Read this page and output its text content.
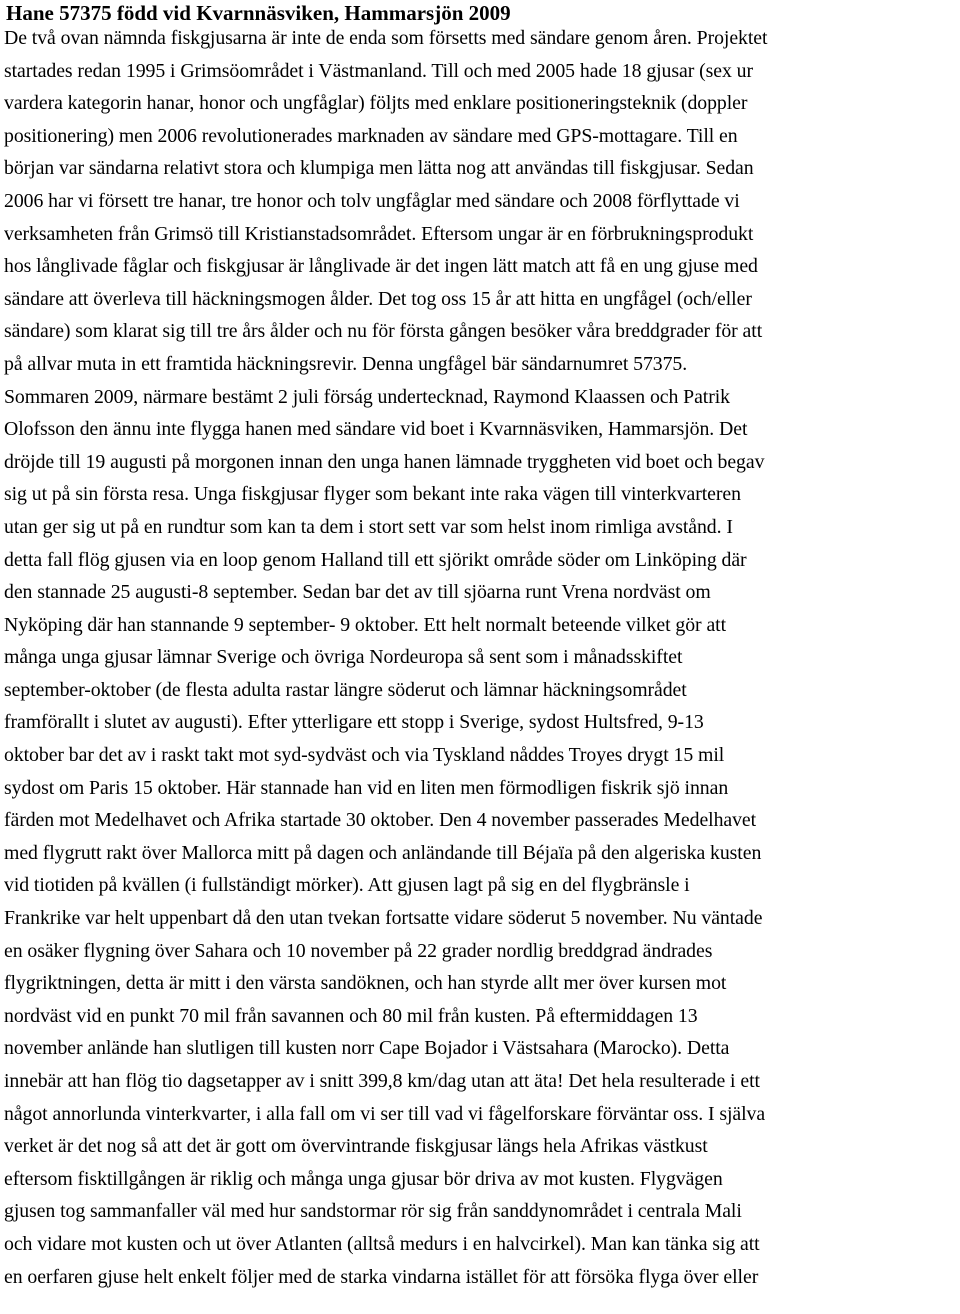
Hane 57375 född vid Kvarnnäsviken, Hammarsjön 2009
De två ovan nämnda fiskgjusarna är inte de enda som försetts med sändare genom åren. Projektet
startades redan 1995 i Grimsöområdet i Västmanland. Till och med 2005 hade 18 gjusar (sex ur
vardera kategorin hanar, honor och ungfåglar) följts med enklare positioneringsteknik (doppler
positionering) men 2006 revolutionerades marknaden av sändare med GPS-mottagare. Till en
början var sändarna relativt stora och klumpiga men lätta nog att användas till fiskgjusar. Sedan
2006 har vi försett tre hanar, tre honor och tolv ungfåglar med sändare och 2008 förflyttade vi
verksamheten från Grimsö till Kristianstadsområdet. Eftersom ungar är en förbrukningsprodukt
hos långlivade fåglar och fiskgjusar är långlivade är det ingen lätt match att få en ung gjuse med
sändare att överleva till häckningsmogen ålder. Det tog oss 15 år att hitta en ungfågel (och/eller
sändare) som klarat sig till tre års ålder och nu för första gången besöker våra breddgrader för att
på allvar muta in ett framtida häckningsrevir. Denna ungfågel bär sändarnumret 57375.
Sommaren 2009, närmare bestämt 2 juli förság undertecknad, Raymond Klaassen och Patrik
Olofsson den ännu inte flygga hanen med sändare vid boet i Kvarnnäsviken, Hammarsjön. Det
dröjde till 19 augusti på morgonen innan den unga hanen lämnade tryggheten vid boet och begav
sig ut på sin första resa. Unga fiskgjusar flyger som bekant inte raka vägen till vinterkvarteren
utan ger sig ut på en rundtur som kan ta dem i stort sett var som helst inom rimliga avstånd. I
detta fall flög gjusen via en loop genom Halland till ett sjörikt område söder om Linköping där
den stannade 25 augusti-8 september. Sedan bar det av till sjöarna runt Vrena nordväst om
Nyköping där han stannande 9 september- 9 oktober. Ett helt normalt beteende vilket gör att
många unga gjusar lämnar Sverige och övriga Nordeuropa så sent som i månadsskiftet
september-oktober (de flesta adulta rastar längre söderut och lämnar häckningsområdet
framförallt i slutet av augusti). Efter ytterligare ett stopp i Sverige, sydost Hultsfred, 9-13
oktober bar det av i raskt takt mot syd-sydväst och via Tyskland nåddes Troyes drygt 15 mil
sydost om Paris 15 oktober. Här stannade han vid en liten men förmodligen fiskrik sjö innan
färden mot Medelhavet och Afrika startade 30 oktober. Den 4 november passerades Medelhavet
med flygrutt rakt över Mallorca mitt på dagen och anländande till Béjaïa på den algeriska kusten
vid tiotiden på kvällen (i fullständigt mörker). Att gjusen lagt på sig en del flygbränsle i
Frankrike var helt uppenbart då den utan tvekan fortsatte vidare söderut 5 november. Nu väntade
en osäker flygning över Sahara och 10 november på 22 grader nordlig breddgrad ändrades
flygriktningen, detta är mitt i den värsta sandöknen, och han styrde allt mer över kursen mot
nordväst vid en punkt 70 mil från savannen och 80 mil från kusten. På eftermiddagen 13
november anlände han slutligen till kusten norr Cape Bojador i Västsahara (Marocko). Detta
innebär att han flög tio dagsetapper av i snitt 399,8 km/dag utan att äta! Det hela resulterade i ett
något annorlunda vinterkvarter, i alla fall om vi ser till vad vi fågelforskare förväntar oss. I själva
verket är det nog så att det är gott om övervintrande fiskgjusar längs hela Afrikas västkust
eftersom fisktillgången är riklig och många unga gjusar bör driva av mot kusten. Flygvägen
gjusen tog sammanfaller väl med hur sandstormar rör sig från sanddynområdet i centrala Mali
och vidare mot kusten och ut över Atlanten (alltså medurs i en halvcirkel). Man kan tänka sig att
en oerfaren gjuse helt enkelt följer med de starka vindarna istället för att försöka flyga över eller
